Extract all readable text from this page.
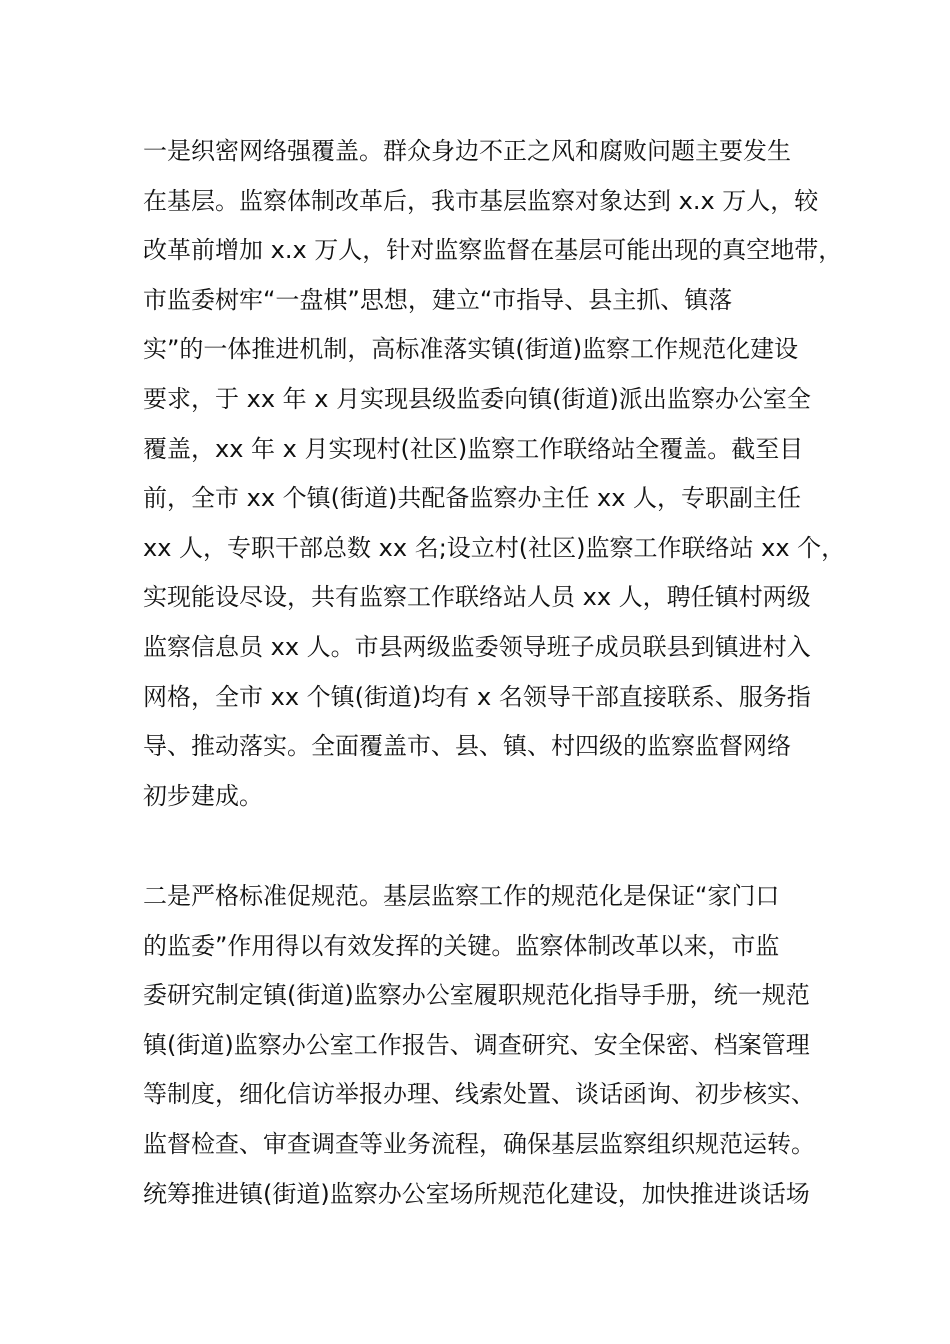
一是织密网络强覆盖。群众身边不正之风和腐败问题主要发生
在基层。监察体制改革后，我市基层监察对象达到 x.x 万人，较
改革前增加 x.x 万人，针对监察监督在基层可能出现的真空地带，
市监委树牢“一盘棋”思想，建立“市指导、县主抓、镇落
实”的一体推进机制，高标准落实镇(街道)监察工作规范化建设
要求，于 xx 年 x 月实现县级监委向镇(街道)派出监察办公室全
覆盖，xx 年 x 月实现村(社区)监察工作联络站全覆盖。截至目
前，全市 xx 个镇(街道)共配备监察办主任 xx 人，专职副主任
xx 人，专职干部总数 xx 名;设立村(社区)监察工作联络站 xx 个，
实现能设尽设，共有监察工作联络站人员 xx 人，聘任镇村两级
监察信息员 xx 人。市县两级监委领导班子成员联县到镇进村入
网格，全市 xx 个镇(街道)均有 x 名领导干部直接联系、服务指
导、推动落实。全面覆盖市、县、镇、村四级的监察监督网络
初步建成。
二是严格标准促规范。基层监察工作的规范化是保证“家门口
的监委”作用得以有效发挥的关键。监察体制改革以来，市监
委研究制定镇(街道)监察办公室履职规范化指导手册，统一规范
镇(街道)监察办公室工作报告、调查研究、安全保密、档案管理
等制度，细化信访举报办理、线索处置、谈话函询、初步核实、
监督检查、审查调查等业务流程，确保基层监察组织规范运转。
统筹推进镇(街道)监察办公室场所规范化建设，加快推进谈话场
